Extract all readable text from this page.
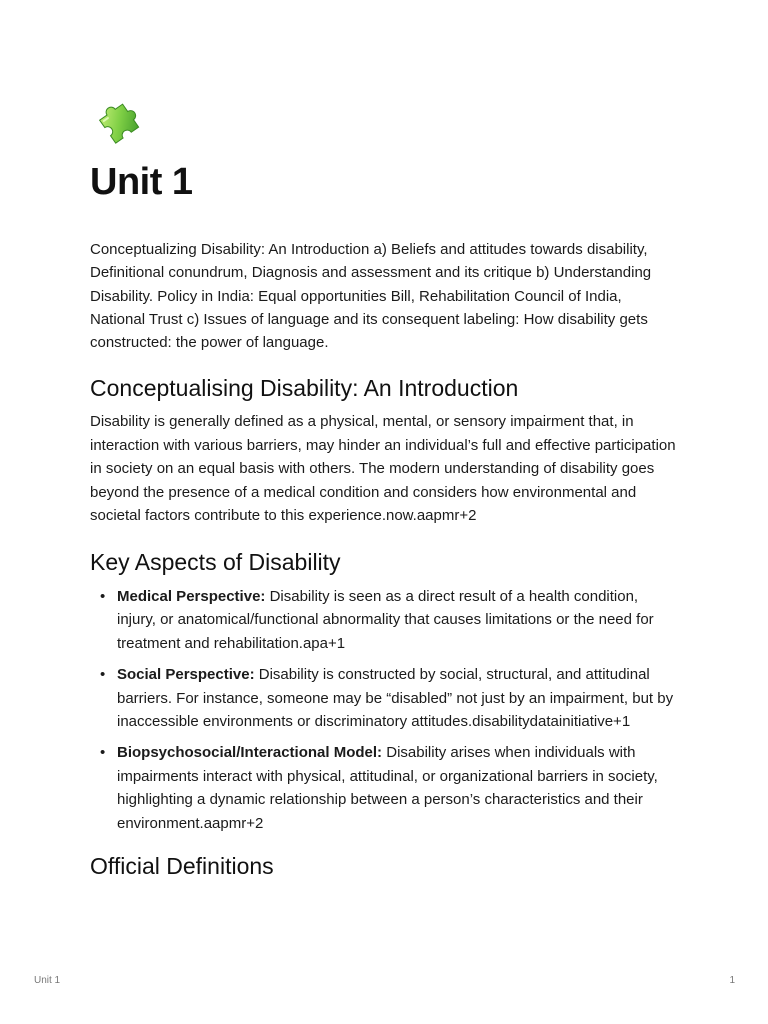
Unit 1

Conceptualizing Disability: An Introduction a) Beliefs and attitudes towards disability, Definitional conundrum, Diagnosis and assessment and its critique b) Understanding Disability. Policy in India: Equal opportunities Bill, Rehabilitation Council of India, National Trust c) Issues of language and its consequent labeling: How disability gets constructed: the power of language.

Conceptualising Disability: An Introduction

Disability is generally defined as a physical, mental, or sensory impairment that, in interaction with various barriers, may hinder an individual’s full and effective participation in society on an equal basis with others. The modern understanding of disability goes beyond the presence of a medical condition and considers how environmental and societal factors contribute to this experience.now.aapmr+2

Key Aspects of Disability
• Medical Perspective: Disability is seen as a direct result of a health condition, injury, or anatomical/functional abnormality that causes limitations or the need for treatment and rehabilitation.apa+1
• Social Perspective: Disability is constructed by social, structural, and attitudinal barriers. For instance, someone may be “disabled” not just by an impairment, but by inaccessible environments or discriminatory attitudes.disabilitydatainitiative+1
• Biopsychosocial/Interactional Model: Disability arises when individuals with impairments interact with physical, attitudinal, or organizational barriers in society, highlighting a dynamic relationship between a person’s characteristics and their environment.aapmr+2
Official Definitions
Unit 1	1
